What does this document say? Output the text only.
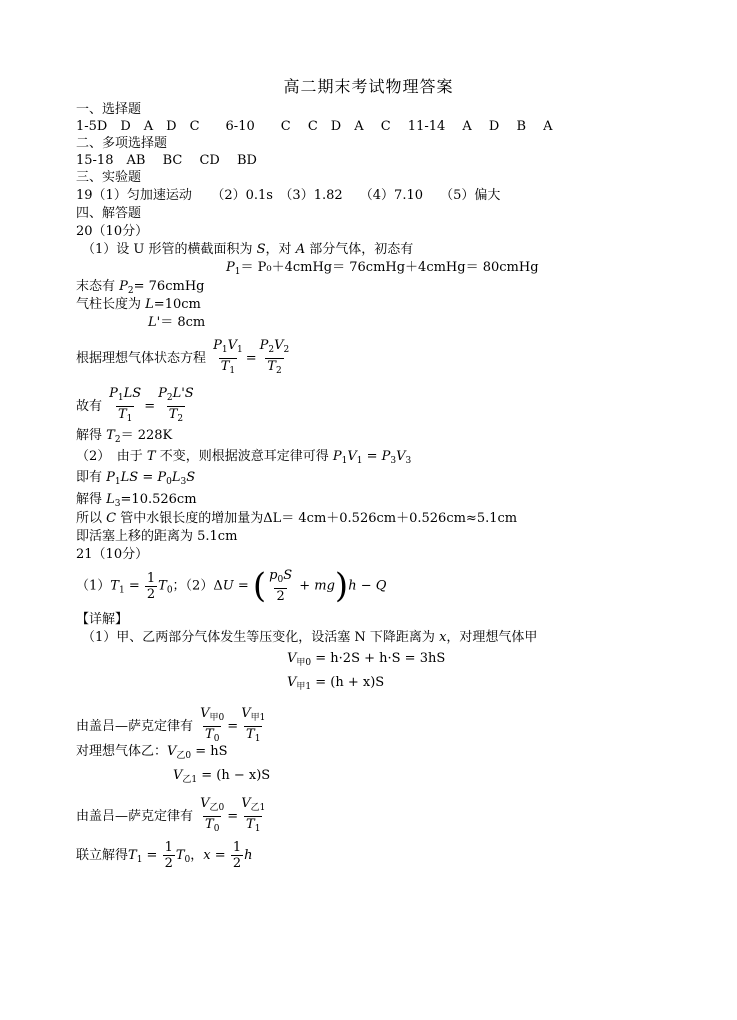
高二期末考试物理答案
一、选择题
1-5D　D　A　D　C　　6-10　　C　 C　D　A　 C　 11-14　 A　 D　 B　 A
二、多项选择题
15-18　 AB　 BC　 CD　 BD
三、实验题
19（1）匀加速运动　　（2）0.1s　（3）1.82　 （4）7.10　 （5）偏大
四、解答题
20（10分）
（1）设 U 形管的横截面积为 S，对 A 部分气体，初态有
$P_1=$ P₀＋4cmHg＝ 76cmHg＋4cmHg＝ 80cmHg
末态有 $P_2=$ 76cmHg
气柱长度为 L=10cm
L'＝ 8cm
根据理想气体状态方程 $\frac{P_1V_1}{T_1} = \frac{P_2V_2}{T_2}$
故有 $\frac{P_1LS}{T_1} = \frac{P_2L'S}{T_2}$
解得 $T_2= 228K$
（2）　由于 T 不变，则根据波意耳定律可得 $P_1V_1 = P_3V_3$
即有 $P_1LS = P_0L_3S$
解得 $L_3=10.526cm$
所以 C 管中水银长度的增加量为ΔL＝ 4cm＋0.526cm＋0.526cm≈5.1cm
即活塞上移的距离为 5.1cm
21（10分）
$(1)T_1 = \frac{1}{2} T_0$；（2）ΔU = ( $\frac{p_0S}{2} + mg)h - Q$
【详解】
（1）甲、乙两部分气体发生等压变化，设活塞 N 下降距离为 x，对理想气体甲
$V_{甲0} = h\cdot 2S + h\cdot S = 3hS$
$V_{甲1} = (h + x)S$
由盖吕—萨克定律有 $\frac{V_{甲0}}{T_0} = \frac{V_{甲1}}{T_1}$
对理想气体乙：$V_{乙0}$ = hS
$V_{乙1} = (h - x)S$
由盖吕—萨克定律有 $\frac{V_{乙0}}{T_0} = \frac{V_{乙1}}{T_1}$
联立解得$T_1 = \frac{1}{2} T_0$，$x = \frac{1}{2}$ h
